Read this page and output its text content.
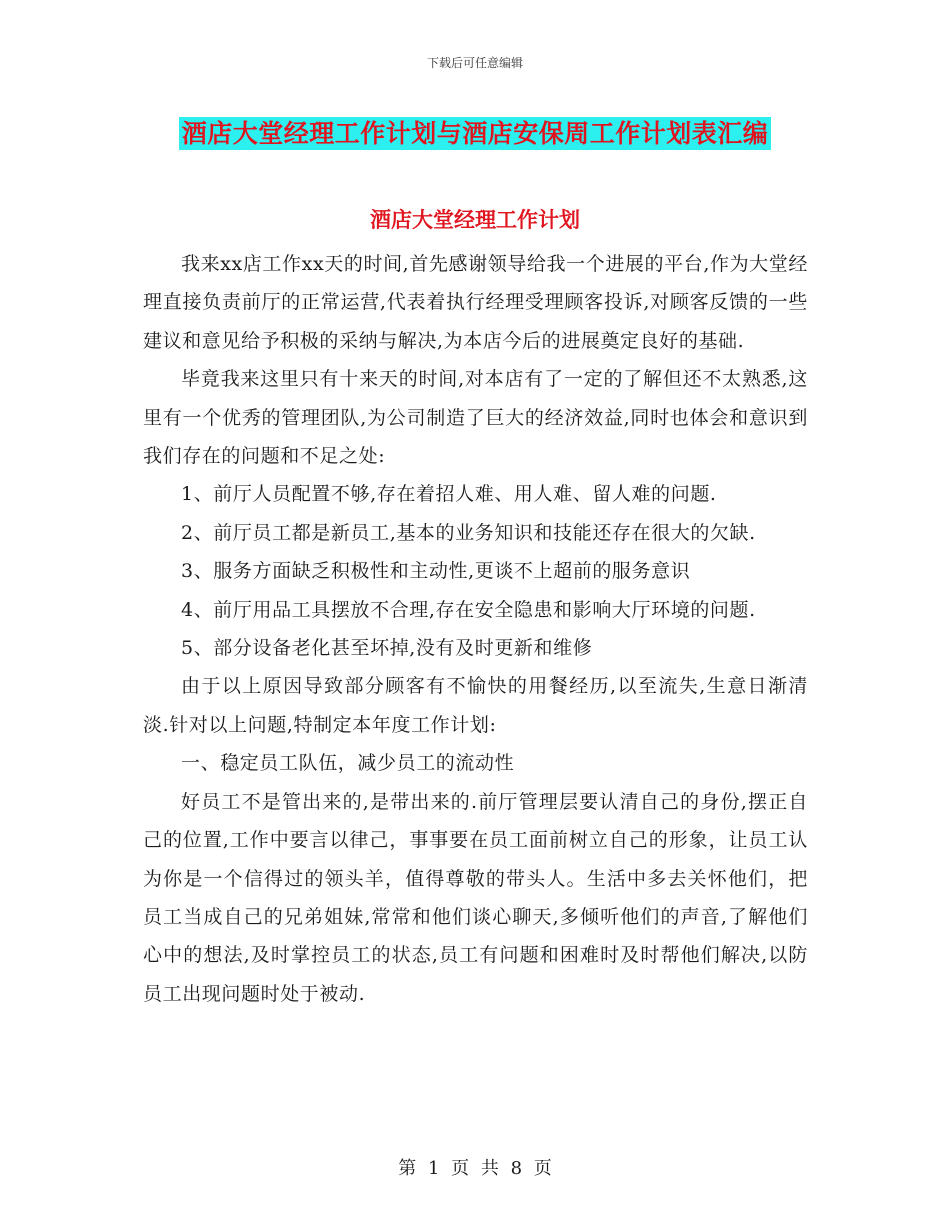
下载后可任意编辑
酒店大堂经理工作计划与酒店安保周工作计划表汇编
酒店大堂经理工作计划

我来xx店工作xx天的时间,首先感谢领导给我一个进展的平台,作为大堂经理直接负责前厅的正常运营,代表着执行经理受理顾客投诉,对顾客反馈的一些建议和意见给予积极的采纳与解决,为本店今后的进展奠定良好的基础.

毕竟我来这里只有十来天的时间,对本店有了一定的了解但还不太熟悉,这里有一个优秀的管理团队,为公司制造了巨大的经济效益,同时也体会和意识到我们存在的问题和不足之处:

1、前厅人员配置不够,存在着招人难、用人难、留人难的问题.

2、前厅员工都是新员工,基本的业务知识和技能还存在很大的欠缺.

3、服务方面缺乏积极性和主动性,更谈不上超前的服务意识

4、前厅用品工具摆放不合理,存在安全隐患和影响大厅环境的问题.

5、部分设备老化甚至坏掉,没有及时更新和维修

由于以上原因导致部分顾客有不愉快的用餐经历,以至流失,生意日渐清淡.针对以上问题,特制定本年度工作计划:

一、稳定员工队伍，减少员工的流动性

好员工不是管出来的,是带出来的.前厅管理层要认清自己的身份,摆正自己的位置,工作中要言以律己，事事要在员工面前树立自己的形象，让员工认为你是一个信得过的领头羊，值得尊敬的带头人。生活中多去关怀他们，把员工当成自己的兄弟姐妹,常常和他们谈心聊天,多倾听他们的声音,了解他们心中的想法,及时掌控员工的状态,员工有问题和困难时及时帮他们解决,以防员工出现问题时处于被动.

第 1 页 共 8 页
